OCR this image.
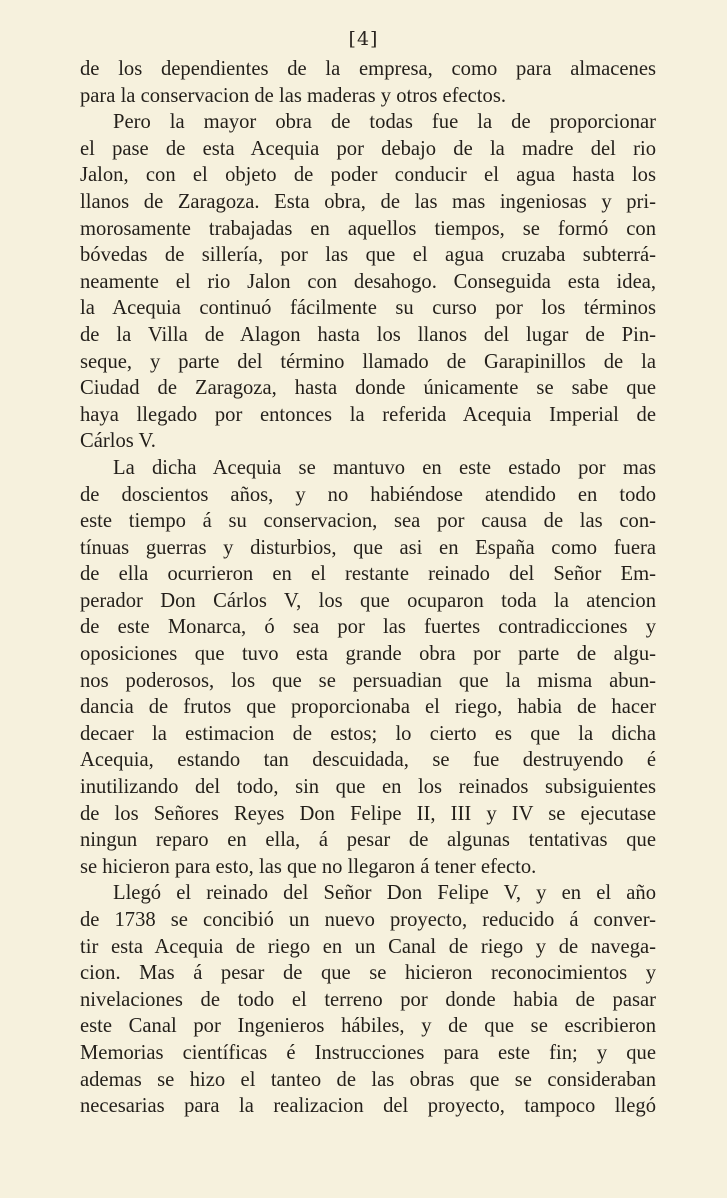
[4]
de los dependientes de la empresa, como para almacenes
para la conservacion de las maderas y otros efectos.
Pero la mayor obra de todas fue la de proporcionar
el pase de esta Acequia por debajo de la madre del rio
Jalon, con el objeto de poder conducir el agua hasta los
llanos de Zaragoza. Esta obra, de las mas ingeniosas y pri-
morosamente trabajadas en aquellos tiempos, se formó con
bóvedas de sillería, por las que el agua cruzaba subterrá-
neamente el rio Jalon con desahogo. Conseguida esta idea,
la Acequia continuó fácilmente su curso por los términos
de la Villa de Alagon hasta los llanos del lugar de Pin-
seque, y parte del término llamado de Garapinillos de la
Ciudad de Zaragoza, hasta donde únicamente se sabe que
haya llegado por entonces la referida Acequia Imperial de
Cárlos V.
La dicha Acequia se mantuvo en este estado por mas
de doscientos años, y no habiéndose atendido en todo
este tiempo á su conservacion, sea por causa de las con-
tínuas guerras y disturbios, que asi en España como fuera
de ella ocurrieron en el restante reinado del Señor Em-
perador Don Cárlos V, los que ocuparon toda la atencion
de este Monarca, ó sea por las fuertes contradicciones y
oposiciones que tuvo esta grande obra por parte de algu-
nos poderosos, los que se persuadian que la misma abun-
dancia de frutos que proporcionaba el riego, habia de hacer
decaer la estimacion de estos; lo cierto es que la dicha
Acequia, estando tan descuidada, se fue destruyendo é
inutilizando del todo, sin que en los reinados subsiguientes
de los Señores Reyes Don Felipe II, III y IV se ejecutase
ningun reparo en ella, á pesar de algunas tentativas que
se hicieron para esto, las que no llegaron á tener efecto.
Llegó el reinado del Señor Don Felipe V, y en el año
de 1738 se concibió un nuevo proyecto, reducido á conver-
tir esta Acequia de riego en un Canal de riego y de navega-
cion. Mas á pesar de que se hicieron reconocimientos y
nivelaciones de todo el terreno por donde habia de pasar
este Canal por Ingenieros hábiles, y de que se escribieron
Memorias científicas é Instrucciones para este fin; y que
ademas se hizo el tanteo de las obras que se consideraban
necesarias para la realizacion del proyecto, tampoco llegó
